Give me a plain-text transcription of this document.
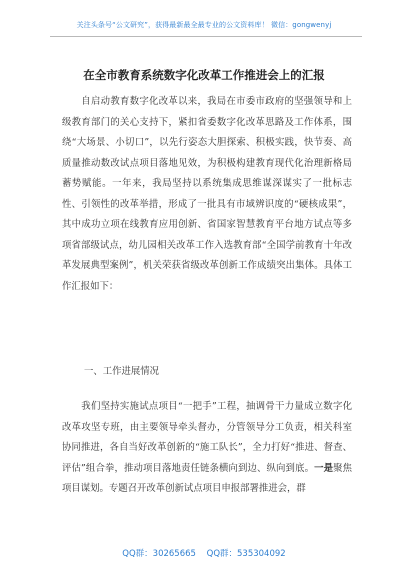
关注头条号“公文研究”，获得最新最全最专业的公文资料库！ 微信：gongwenyj
在全市教育系统数字化改革工作推进会上的汇报
自启动教育数字化改革以来，我局在市委市政府的坚强领导和上级教育部门的关心支持下，紧扣省委数字化改革思路及工作体系，围绕“大场景、小切口”，以先行姿态大胆探索、积极实践，快节奏、高质量推动数改试点项目落地见效，为积极构建教育现代化治理新格局蓄势赋能。一年来，我局坚持以系统集成思维谋深谋实了一批标志性、引领性的改革举措，形成了一批具有市域辨识度的“硬核成果”，其中成功立项在线教育应用创新、省国家智慧教育平台地方试点等多项省部级试点，幼儿园相关改革工作入选教育部“全国学前教育十年改革发展典型案例”，机关荣获省级改革创新工作成绩突出集体。具体工作汇报如下：
一、工作进展情况
我们坚持实施试点项目“一把手”工程，抽调骨干力量成立数字化改革攻坚专班，由主要领导牵头督办，分管领导分工负责，相关科室协同推进，各自当好改革创新的“施工队长”，全力打好“推进、督查、评估”组合拳，推动项目落地责任链条横向到边、纵向到底。一是聚焦项目谋划。专题召开改革创新试点项目申报部署推进会，群
QQ群：30265665 QQ群：535304092
